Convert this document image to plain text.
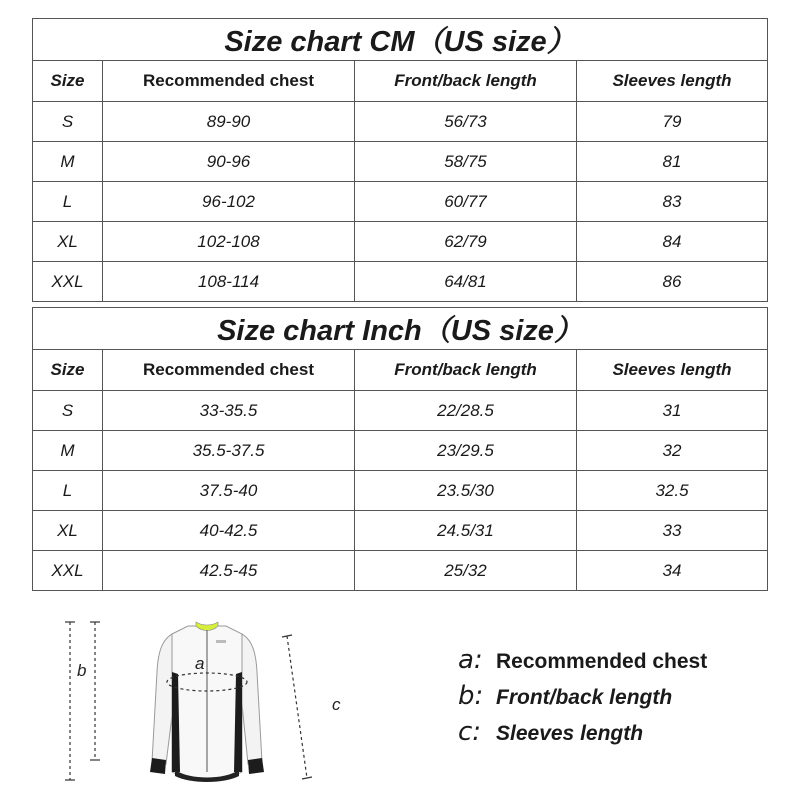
Size chart CM（US size）			
Size	Recommended chest	Front/back length	Sleeves length
S	89-90	56/73	79
M	90-96	58/75	81
L	96-102	60/77	83
XL	102-108	62/79	84
XXL	108-114	64/81	86
Size chart Inch（US size）			
Size	Recommended chest	Front/back length	Sleeves length
S	33-35.5	22/28.5	31
M	35.5-37.5	23/29.5	32
L	37.5-40	23.5/30	32.5
XL	40-42.5	24.5/31	33
XXL	42.5-45	25/32	34
b	a
c
a: Recommended chest
b: Front/back length
c: Sleeves length
